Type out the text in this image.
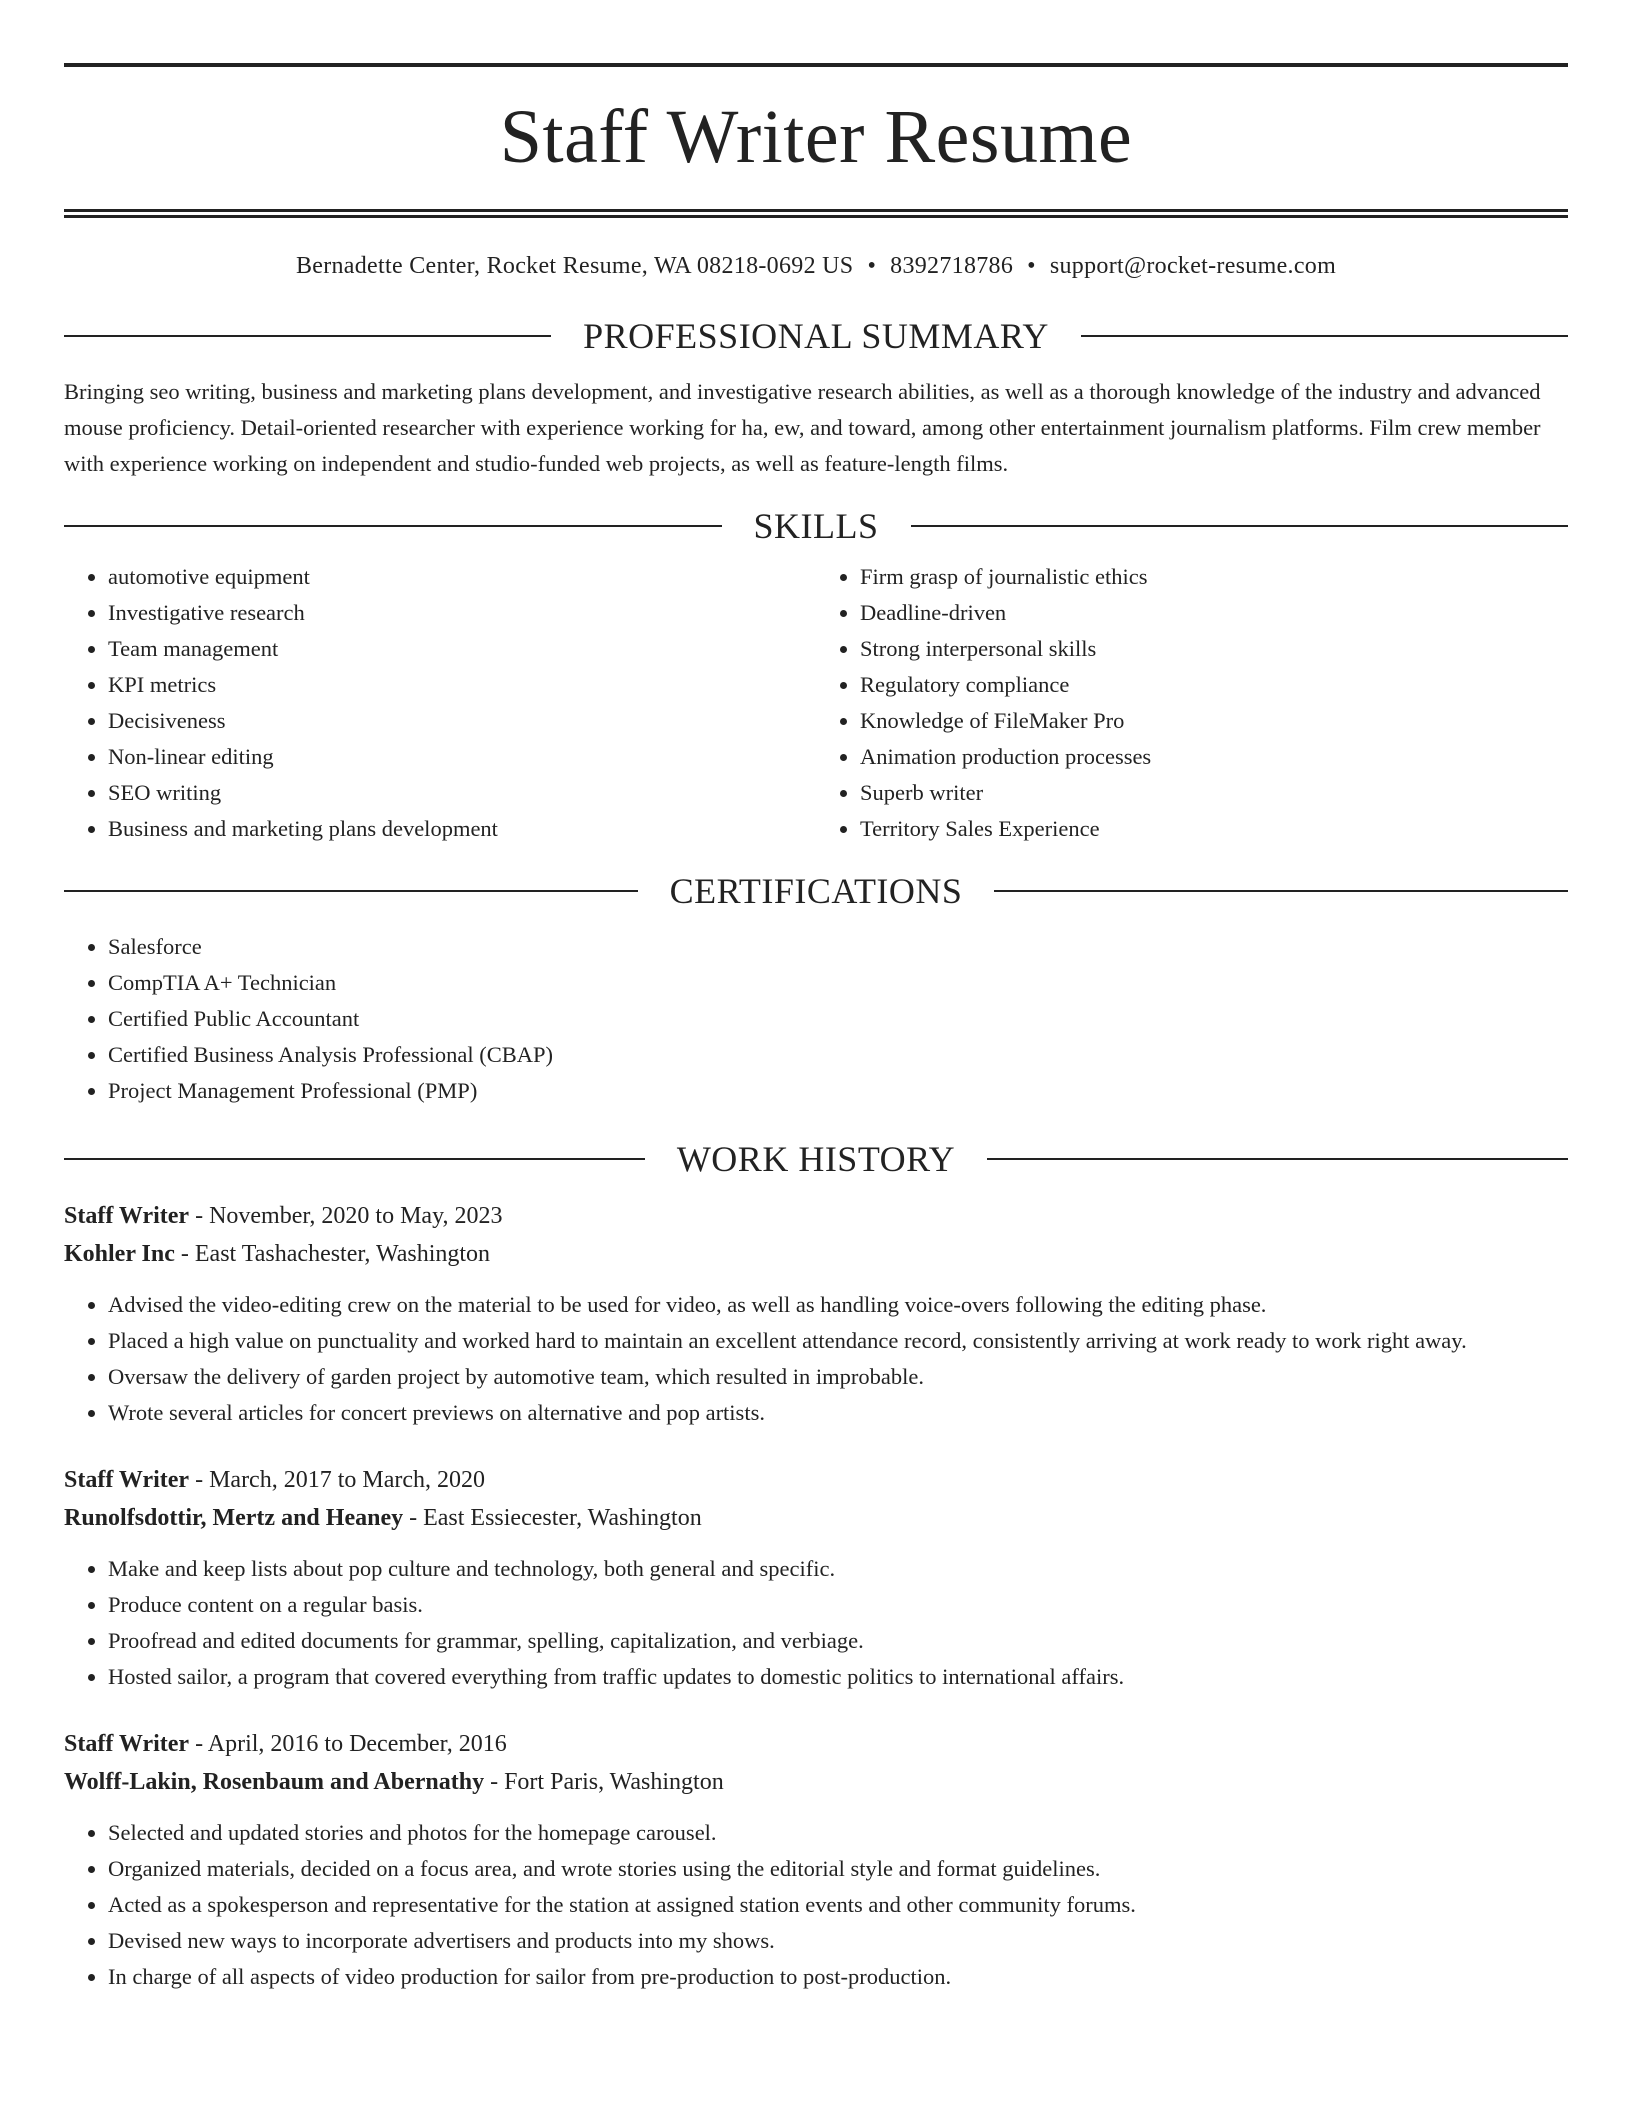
Staff Writer Resume
Bernadette Center, Rocket Resume, WA 08218-0692 US • 8392718786 • support@rocket-resume.com
PROFESSIONAL SUMMARY
Bringing seo writing, business and marketing plans development, and investigative research abilities, as well as a thorough knowledge of the industry and advanced mouse proficiency. Detail-oriented researcher with experience working for ha, ew, and toward, among other entertainment journalism platforms. Film crew member with experience working on independent and studio-funded web projects, as well as feature-length films.
SKILLS
• automotive equipment
• Investigative research
• Team management
• KPI metrics
• Decisiveness
• Non-linear editing
• SEO writing
• Business and marketing plans development
• Firm grasp of journalistic ethics
• Deadline-driven
• Strong interpersonal skills
• Regulatory compliance
• Knowledge of FileMaker Pro
• Animation production processes
• Superb writer
• Territory Sales Experience
CERTIFICATIONS
• Salesforce
• CompTIA A+ Technician
• Certified Public Accountant
• Certified Business Analysis Professional (CBAP)
• Project Management Professional (PMP)
WORK HISTORY
Staff Writer - November, 2020 to May, 2023
Kohler Inc - East Tashachester, Washington
• Advised the video-editing crew on the material to be used for video, as well as handling voice-overs following the editing phase.
• Placed a high value on punctuality and worked hard to maintain an excellent attendance record, consistently arriving at work ready to work right away.
• Oversaw the delivery of garden project by automotive team, which resulted in improbable.
• Wrote several articles for concert previews on alternative and pop artists.
Staff Writer - March, 2017 to March, 2020
Runolfsdottir, Mertz and Heaney - East Essiecester, Washington
• Make and keep lists about pop culture and technology, both general and specific.
• Produce content on a regular basis.
• Proofread and edited documents for grammar, spelling, capitalization, and verbiage.
• Hosted sailor, a program that covered everything from traffic updates to domestic politics to international affairs.
Staff Writer - April, 2016 to December, 2016
Wolff-Lakin, Rosenbaum and Abernathy - Fort Paris, Washington
• Selected and updated stories and photos for the homepage carousel.
• Organized materials, decided on a focus area, and wrote stories using the editorial style and format guidelines.
• Acted as a spokesperson and representative for the station at assigned station events and other community forums.
• Devised new ways to incorporate advertisers and products into my shows.
• In charge of all aspects of video production for sailor from pre-production to post-production.
